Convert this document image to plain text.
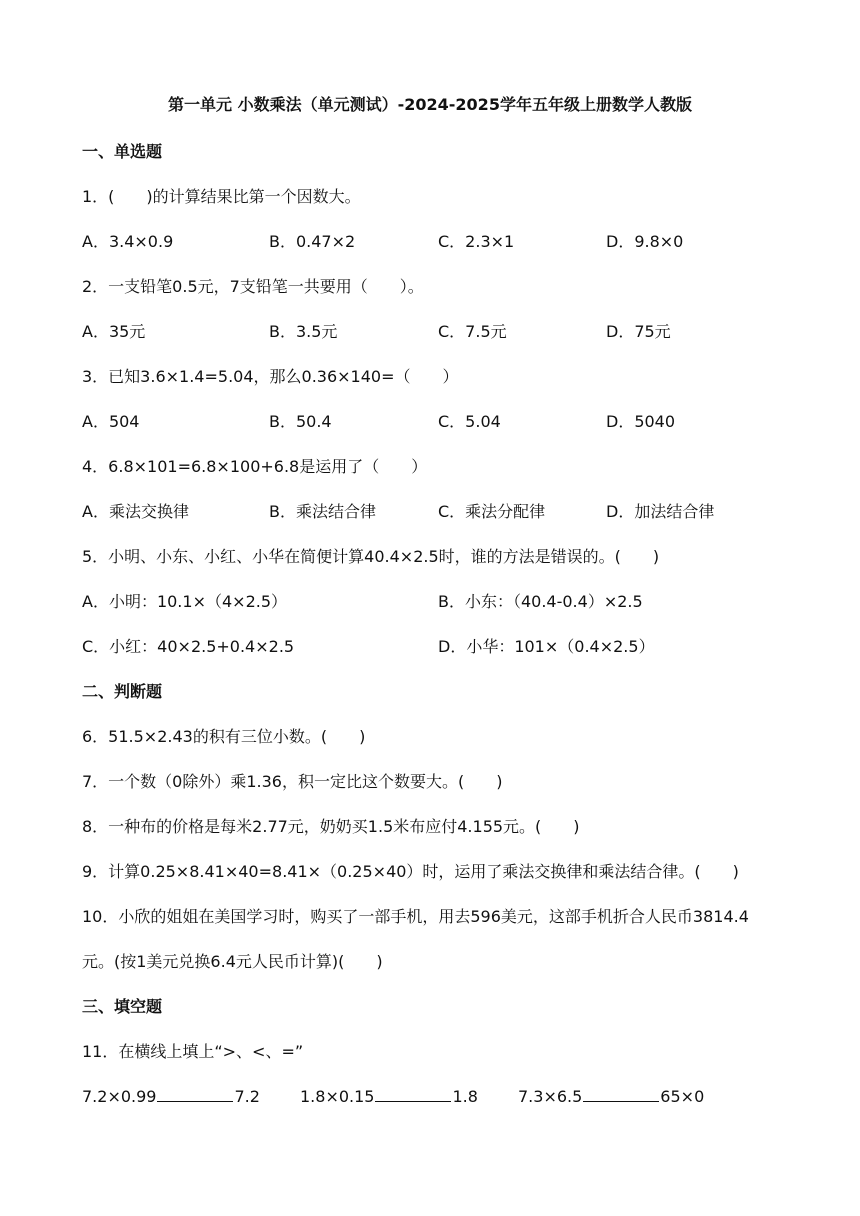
第一单元 小数乘法（单元测试）-2024-2025学年五年级上册数学人教版
一、单选题
1．(　　)的计算结果比第一个因数大。
A．3.4×0.9	B．0.47×2	C．2.3×1	D．9.8×0
2．一支铅笔0.5元，7支铅笔一共要用（　　）。
A．35元	B．3.5元	C．7.5元	D．75元
3．已知3.6×1.4=5.04，那么0.36×140=（　　）
A．504	B．50.4	C．5.04	D．5040
4．6.8×101=6.8×100+6.8是运用了（　　）
A．乘法交换律	B．乘法结合律	C．乘法分配律	D．加法结合律
5．小明、小东、小红、小华在简便计算40.4×2.5时，谁的方法是错误的。(　　)
A．小明：10.1×（4×2.5）	B．小东：（40.4-0.4）×2.5
C．小红：40×2.5+0.4×2.5	D．小华：101×（0.4×2.5）
二、判断题
6．51.5×2.43的积有三位小数。(　　)
7．一个数（0除外）乘1.36，积一定比这个数要大。(　　)
8．一种布的价格是每米2.77元，奶奶买1.5米布应付4.155元。(　　)
9．计算0.25×8.41×40=8.41×（0.25×40）时，运用了乘法交换律和乘法结合律。(　　)
10．小欣的姐姐在美国学习时，购买了一部手机，用去596美元，这部手机折合人民币3814.4
元。(按1美元兑换6.4元人民币计算)(　　)
三、填空题
11．在横线上填上“>、<、=”
7.2×0.99	7.2	1.8×0.15	1.8	7.3×6.5	65×0
